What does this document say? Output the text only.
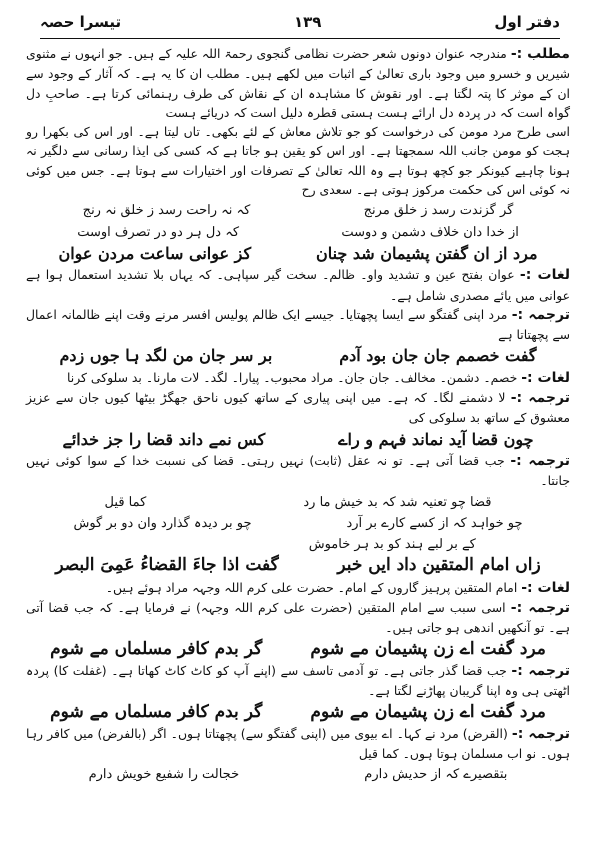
دفتر اول
۱۳۹
تیسرا حصہ

مطلب :- مندرجہ عنوان دونوں شعر حضرت نظامی گنجوی رحمۃ اللہ علیہ کے ہیں۔ جو انہوں نے مثنوی شیریں و خسرو میں وجود باری تعالیٰ کے اثبات میں لکھے ہیں۔ مطلب ان کا یہ ہے۔ کہ آثار کے وجود سے ان کے موثر کا پتہ لگتا ہے۔ اور نقوش کا مشاہدہ ان کے نقاش کی طرف رہنمائی کرتا ہے۔ صاحبِ دل گواہ است کہ در پردہ دل ارائے ہست ہستی قطرہ دلیل است کہ دریائے ہست

اسی طرح مرد مومن کی درخواست کو جو تلاش معاش کے لئے بکھی۔ تاں لیتا ہے۔ اور اس کی بکھرا رو ہجت کو مومن جانب اللہ سمجھتا ہے۔ اور اس کو یقین ہو جاتا ہے کہ کسی کی ایذا رسانی سے دلگیر نہ ہونا چاہیے کیونکر جو کچھ ہوتا ہے وہ اللہ تعالیٰ کے تصرفات اور اختیارات سے ہوتا ہے۔ جس میں کوئی نہ کوئی اس کی حکمت مرکوز ہوتی ہے۔ سعدی رح

گر گزندت رسد ز خلق مرنج
کہ نہ راحت رسد ز خلق نہ رنج
از خدا دان خلاف دشمن و دوست
کہ دل ہر دو در تصرف اوست
مرد از ان گفتن پشیمان شد چنان
کز عوانی ساعت مردن عوان

لغات :- عوان بفتح عین و تشدید واو۔ ظالم۔ سخت گیر سپاہی۔ کہ یہاں بلا تشدید استعمال ہوا ہے عوانی میں یائے مصدری شامل ہے۔

ترجمہ :- مرد اپنی گفتگو سے ایسا پچھتایا۔ جیسے ایک ظالم پولیس افسر مرنے وقت اپنے ظالمانہ اعمال سے پچھتاتا ہے

گفت خصمم جان جان بود آدم
بر سر جان من لگد ہا جوں زدم

لغات :- خصم۔ دشمن۔ مخالف۔ جان جان۔ مراد محبوب۔ پیارا۔ لگد۔ لات مارنا۔ بد سلوکی کرنا

ترجمہ :- لا دشمنے لگا۔ کہ ہے۔ میں اپنی پیاری کے ساتھ کیوں ناحق جھگڑ بیٹھا کیوں جان سے عزیز معشوق کے ساتھ بد سلوکی کی

چون قضا آید نماند فہم و راے
کس نمے داند قضا را جز خدائے

ترجمہ :- جب قضا آتی ہے۔ تو نہ عقل (ثابت) نہیں رہتی۔ قضا کی نسبت خدا کے سوا کوئی نہیں جانتا۔

قضا چو تعنیہ شد کہ بد خیش ما رد
کما قیل
چو خواہد کہ از کسے کارے بر آرد
چو بر دیدہ گذارد وان دو بر گوش
کے بر لبے ہند کو بد ہر خاموش
زاں امام المتقین داد ایں خبر
گفت اذا جاءَ القضاءُ عَمِیَ البصر

لغات :- امام المتقین پرہیز گاروں کے امام۔ حضرت علی کرم اللہ وجہہ مراد ہوئے ہیں۔

ترجمہ :- اسی سبب سے امام المتقین (حضرت علی کرم اللہ وجہہ) نے فرمایا ہے۔ کہ جب قضا آتی ہے۔ تو آنکھیں اندھی ہو جاتی ہیں۔

مرد گفت اے زن پشیمان مے شوم
گر بدم کافر مسلماں مے شوم

ترجمہ :- جب قضا گذر جاتی ہے۔ تو آدمی تاسف سے (اپنے آپ کو کاٹ کاٹ کھاتا ہے۔ (غفلت کا) پردہ اٹھتی ہی وہ اپنا گریبان پھاڑنے لگتا ہے۔

مرد گفت اے زن پشیمان مے شوم
گر بدم کافر مسلماں مے شوم

ترجمہ :- (القرض) مرد نے کہا۔ اے بیوی میں (اپنی گفتگو سے) پچھتاتا ہوں۔ اگر (بالفرض) میں کافر رہا ہوں۔ نو اب مسلمان ہوتا ہوں۔ کما قیل

بتقصیرے کہ از حدیش دارم
خجالت را شفیع خویش دارم
